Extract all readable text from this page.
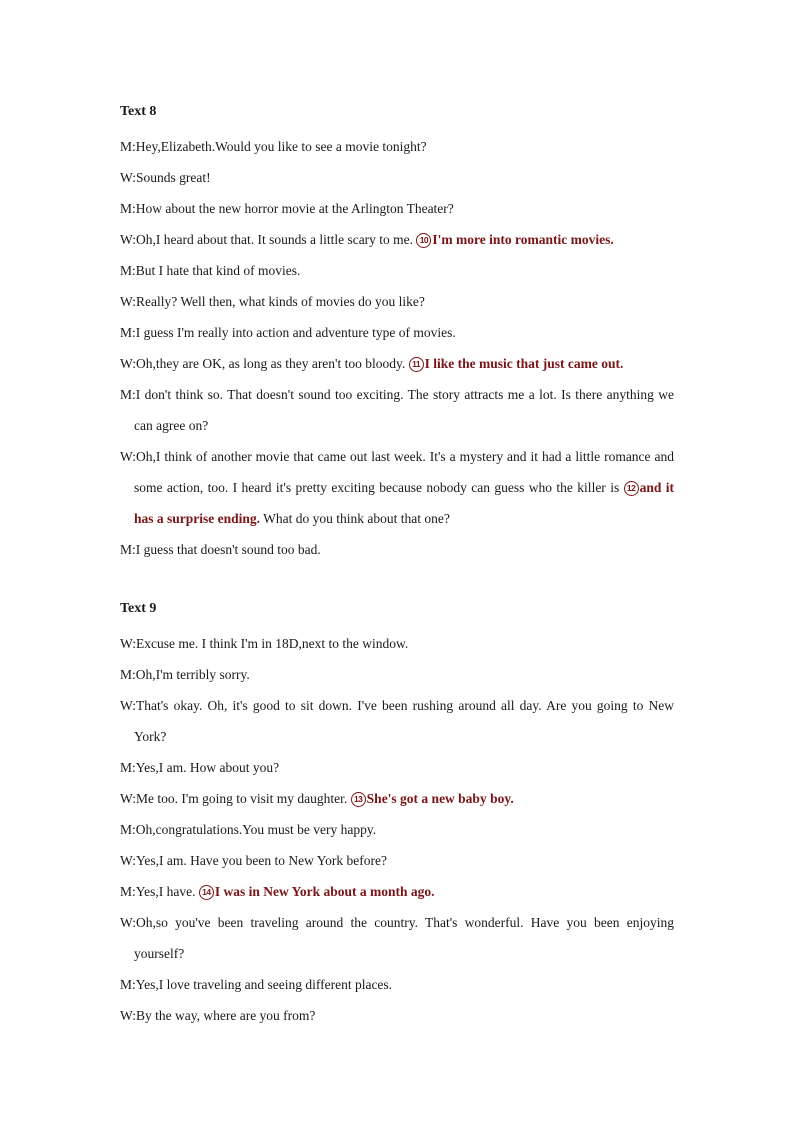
Text 8

M:Hey,Elizabeth.Would you like to see a movie tonight?

W:Sounds great!

M:How about the new horror movie at the Arlington Theater?

W:Oh,I heard about that. It sounds a little scary to me. 10 I'm more into romantic movies.

M:But I hate that kind of movies.

W:Really? Well then, what kinds of movies do you like?

M:I guess I'm really into action and adventure type of movies.

W:Oh,they are OK, as long as they aren't too bloody. 11 I like the music that just came out.

M:I don't think so. That doesn't sound too exciting. The story attracts me a lot. Is there anything we can agree on?

W:Oh,I think of another movie that came out last week. It's a mystery and it had a little romance and some action, too. I heard it's pretty exciting because nobody can guess who the killer is 12 and it has a surprise ending. What do you think about that one?

M:I guess that doesn't sound too bad.

Text 9

W:Excuse me. I think I'm in 18D,next to the window.

M:Oh,I'm terribly sorry.

W:That's okay. Oh, it's good to sit down. I've been rushing around all day. Are you going to New York?

M:Yes,I am. How about you?

W:Me too. I'm going to visit my daughter. 13 She's got a new baby boy.

M:Oh,congratulations.You must be very happy.

W:Yes,I am. Have you been to New York before?

M:Yes,I have. 14 I was in New York about a month ago.

W:Oh,so you've been traveling around the country. That's wonderful. Have you been enjoying yourself?

M:Yes,I love traveling and seeing different places.

W:By the way, where are you from?
